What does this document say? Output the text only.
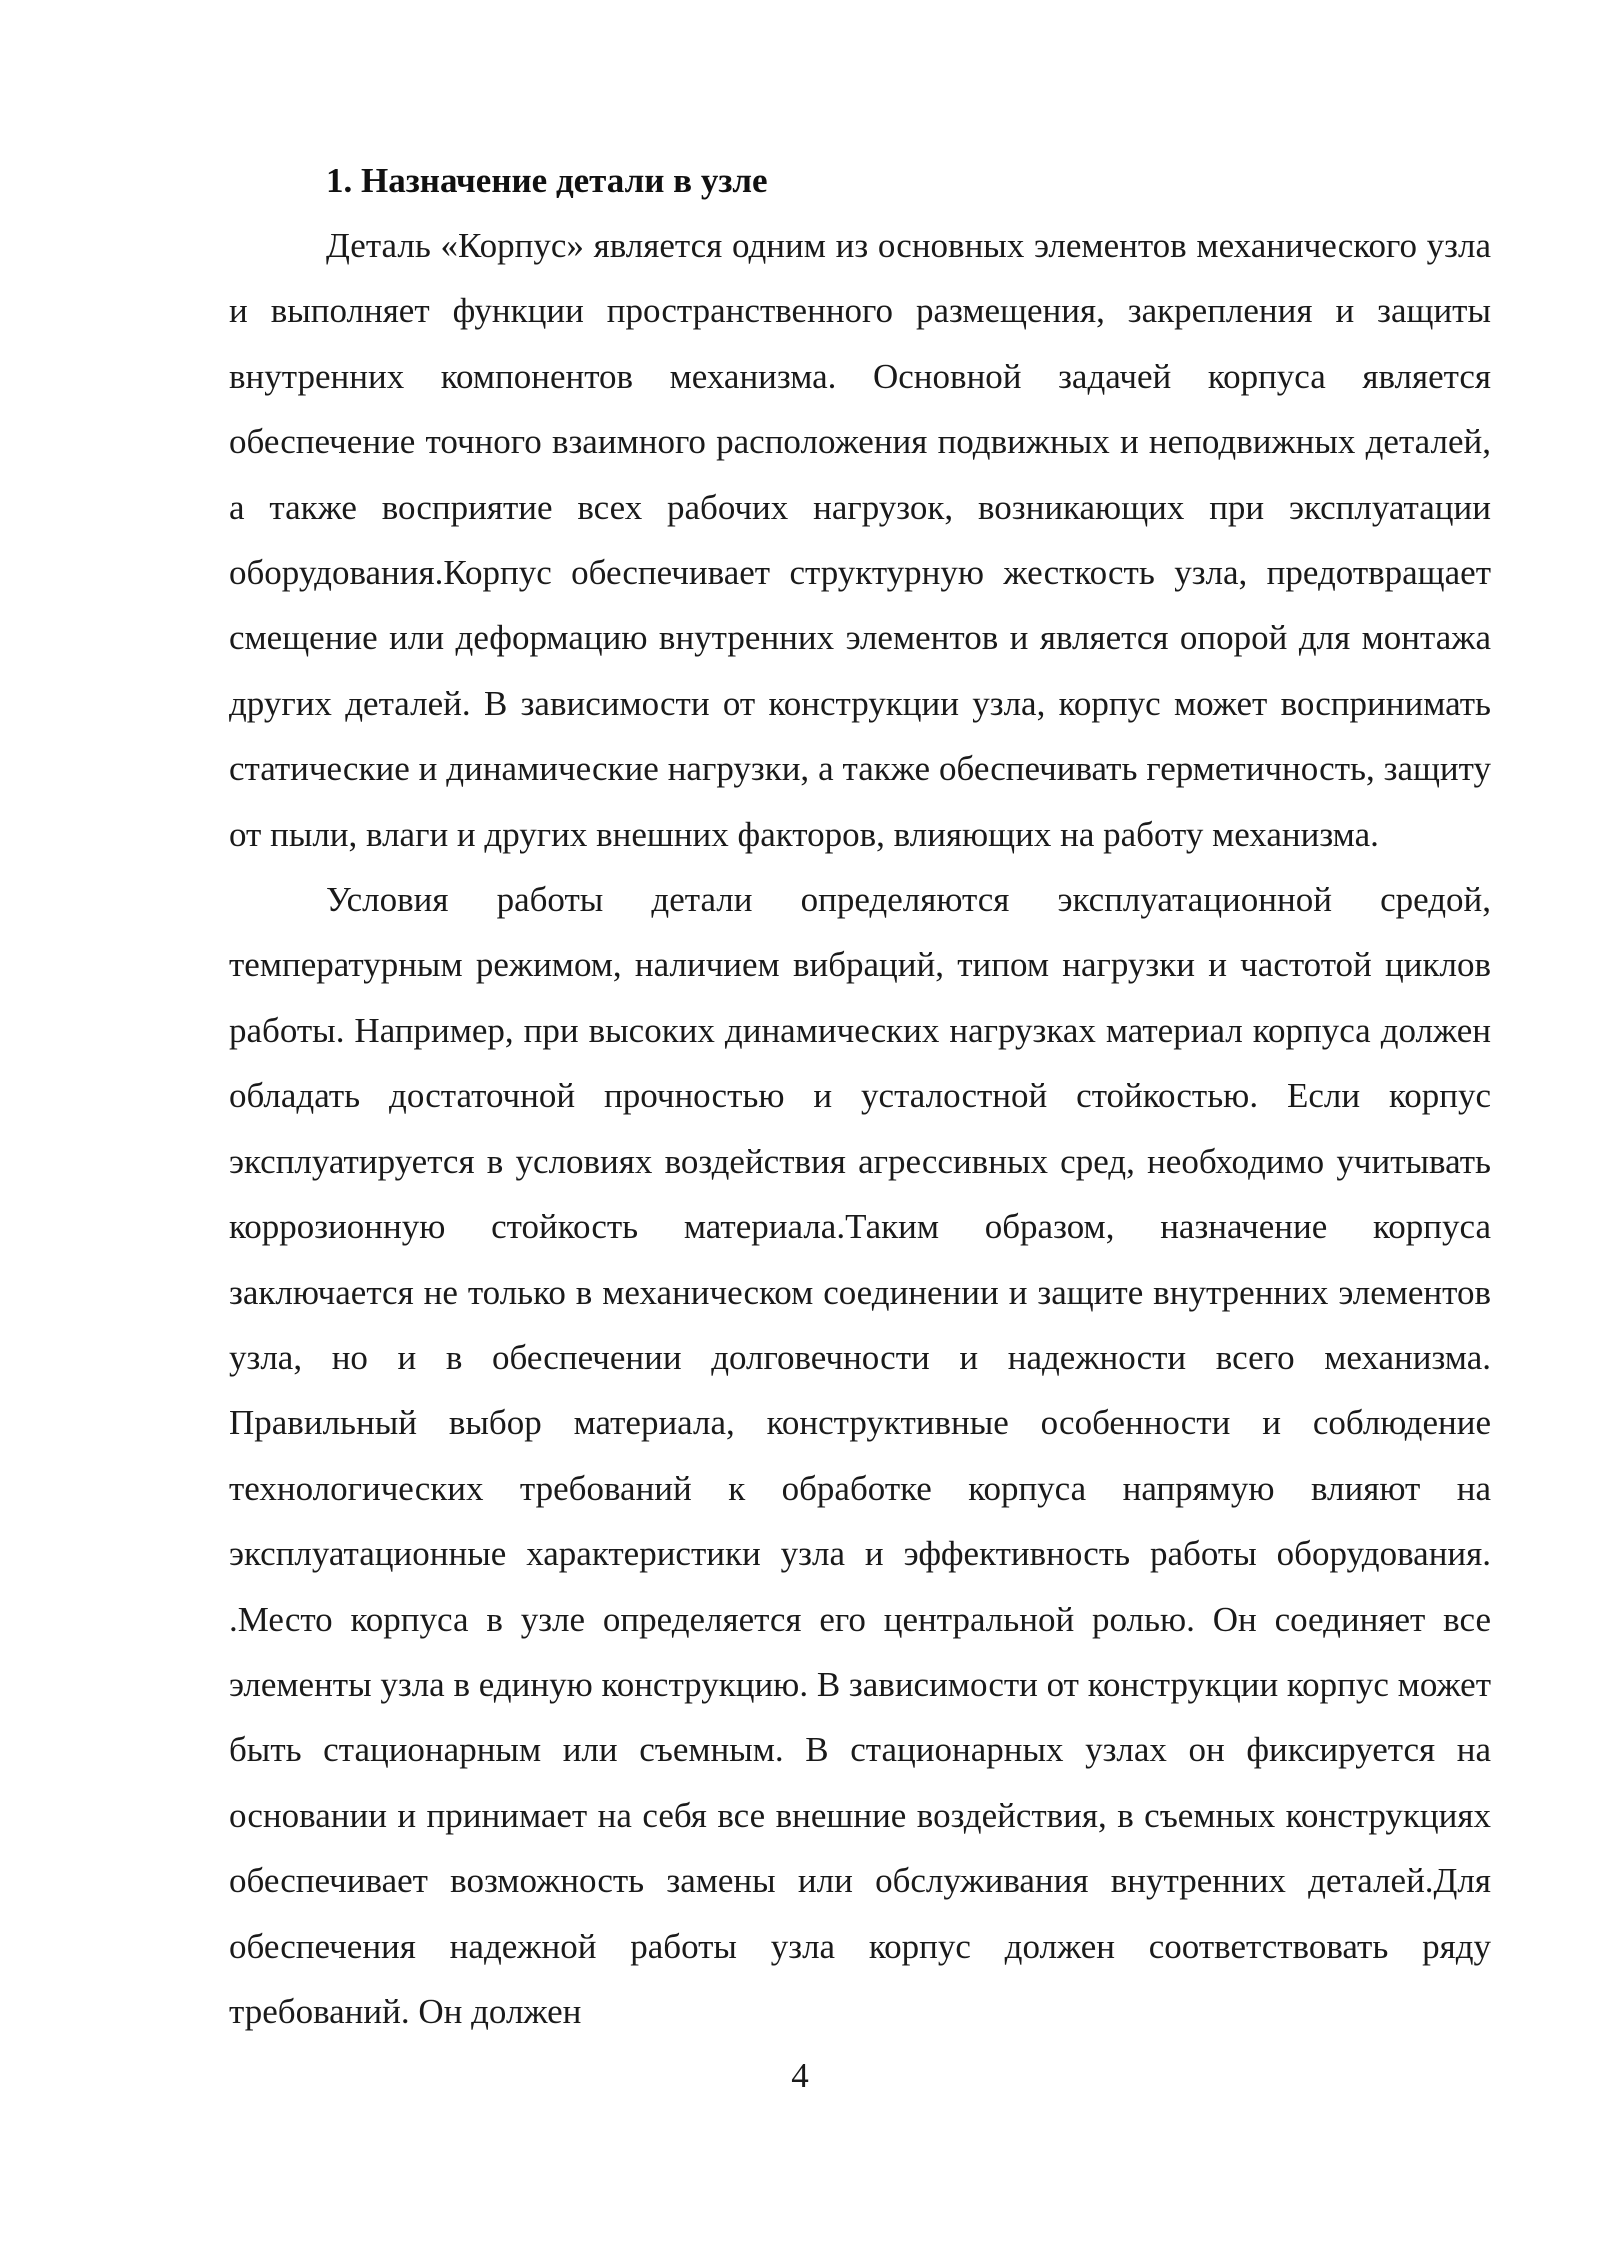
1. Назначение детали в узле

Деталь «Корпус» является одним из основных элементов механического узла и выполняет функции пространственного размещения, закрепления и защиты внутренних компонентов механизма. Основной задачей корпуса является обеспечение точного взаимного расположения подвижных и неподвижных деталей, а также восприятие всех рабочих нагрузок, возникающих при эксплуатации оборудования.Корпус обеспечивает структурную жесткость узла, предотвращает смещение или деформацию внутренних элементов и является опорой для монтажа других деталей. В зависимости от конструкции узла, корпус может воспринимать статические и динамические нагрузки, а также обеспечивать герметичность, защиту от пыли, влаги и других внешних факторов, влияющих на работу механизма.

Условия работы детали определяются эксплуатационной средой, температурным режимом, наличием вибраций, типом нагрузки и частотой циклов работы. Например, при высоких динамических нагрузках материал корпуса должен обладать достаточной прочностью и усталостной стойкостью. Если корпус эксплуатируется в условиях воздействия агрессивных сред, необходимо учитывать коррозионную стойкость материала.Таким образом, назначение корпуса заключается не только в механическом соединении и защите внутренних элементов узла, но и в обеспечении долговечности и надежности всего механизма. Правильный выбор материала, конструктивные особенности и соблюдение технологических требований к обработке корпуса напрямую влияют на эксплуатационные характеристики узла и эффективность работы оборудования. .Место корпуса в узле определяется его центральной ролью. Он соединяет все элементы узла в единую конструкцию. В зависимости от конструкции корпус может быть стационарным или съемным. В стационарных узлах он фиксируется на основании и принимает на себя все внешние воздействия, в съемных конструкциях обеспечивает возможность замены или обслуживания внутренних деталей.Для обеспечения надежной работы узла корпус должен соответствовать ряду требований. Он должен

4
